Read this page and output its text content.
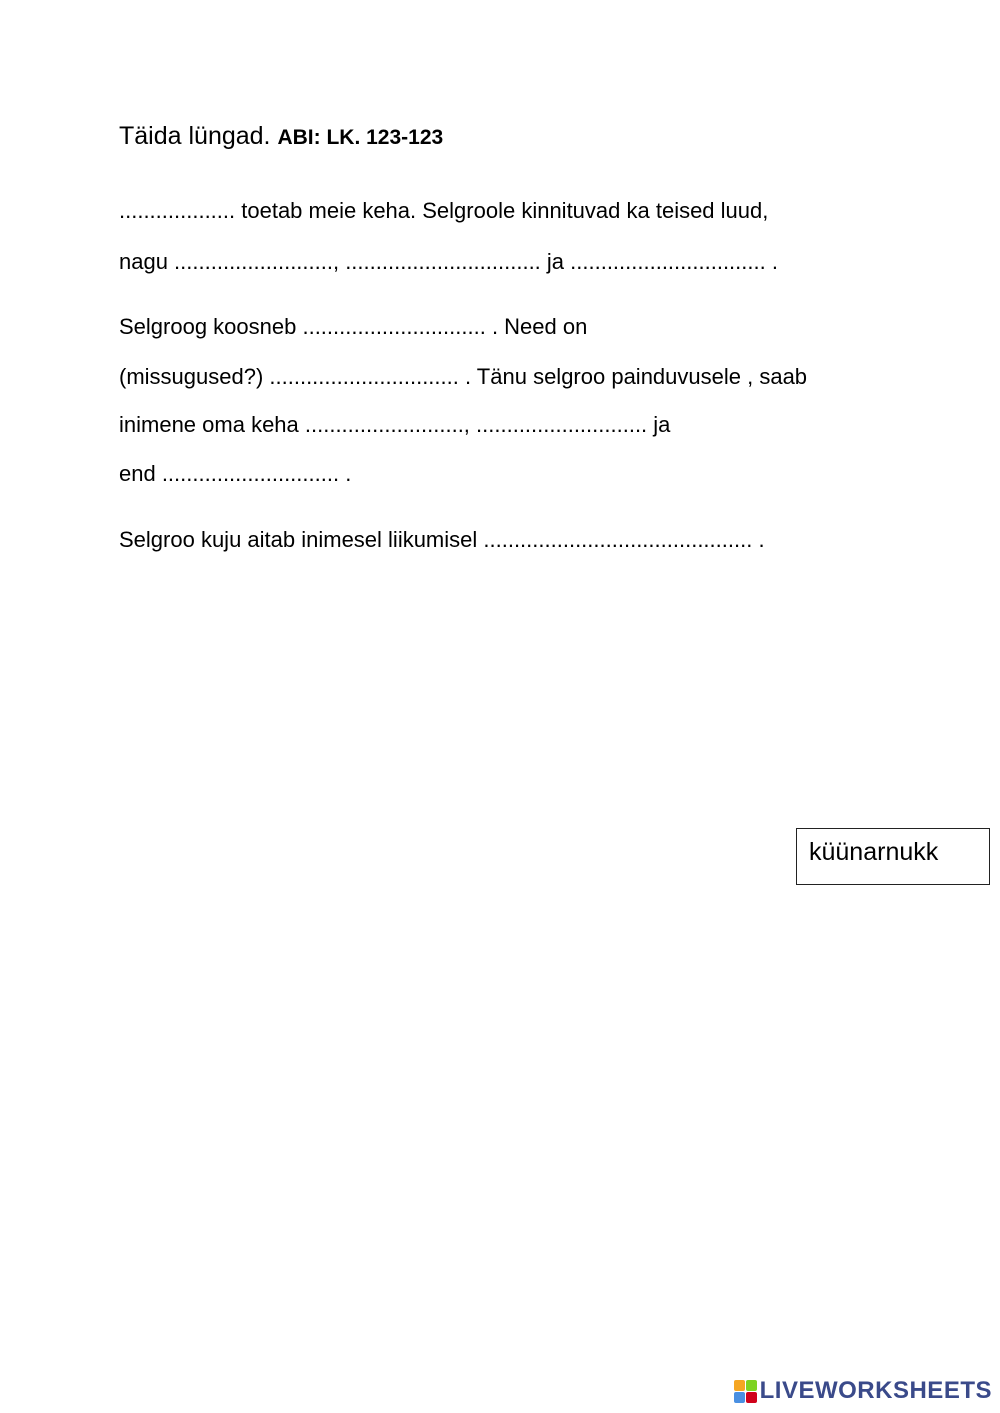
Täida lüngad. ABI: LK. 123-123
................... toetab meie keha. Selgroole kinnituvad ka teised luud,
nagu .........................., ................................ ja ................................ .
Selgroog koosneb .............................. . Need on
(missugused?) ............................... . Tänu selgroo painduvusele , saab
inimene oma keha .........................., ............................ ja
end ............................. .
Selgroo kuju aitab inimesel liikumisel ............................................ .
küünarnukk
LIVEWORKSHEETS
